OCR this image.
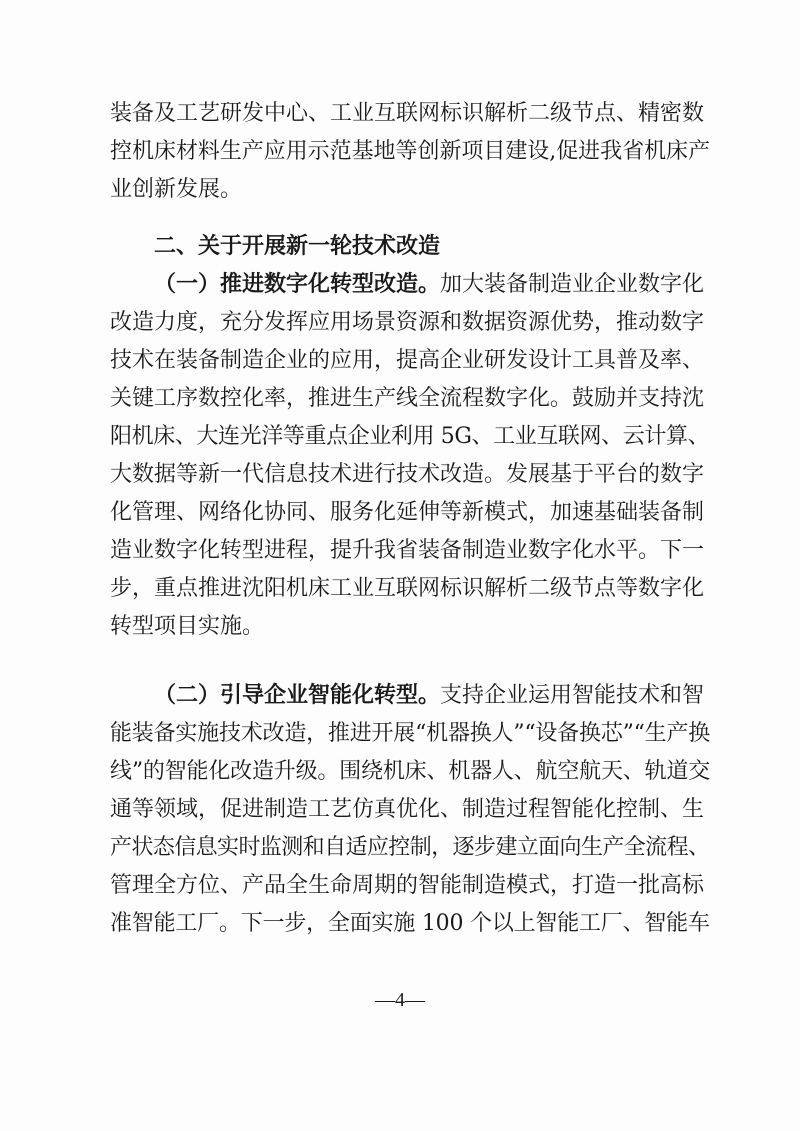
装备及工艺研发中心、工业互联网标识解析二级节点、精密数
控机床材料生产应用示范基地等创新项目建设,促进我省机床产
业创新发展。
二、关于开展新一轮技术改造
（一）推进数字化转型改造。加大装备制造业企业数字化
改造力度，充分发挥应用场景资源和数据资源优势，推动数字
技术在装备制造企业的应用，提高企业研发设计工具普及率、
关键工序数控化率，推进生产线全流程数字化。鼓励并支持沈
阳机床、大连光洋等重点企业利用 5G、工业互联网、云计算、
大数据等新一代信息技术进行技术改造。发展基于平台的数字
化管理、网络化协同、服务化延伸等新模式，加速基础装备制
造业数字化转型进程，提升我省装备制造业数字化水平。下一
步，重点推进沈阳机床工业互联网标识解析二级节点等数字化
转型项目实施。
（二）引导企业智能化转型。支持企业运用智能技术和智
能装备实施技术改造，推进开展“机器换人”“设备换芯”“生产换
线”的智能化改造升级。围绕机床、机器人、航空航天、轨道交
通等领域，促进制造工艺仿真优化、制造过程智能化控制、生
产状态信息实时监测和自适应控制，逐步建立面向生产全流程、
管理全方位、产品全生命周期的智能制造模式，打造一批高标
准智能工厂。下一步，全面实施 100 个以上智能工厂、智能车
—4—
